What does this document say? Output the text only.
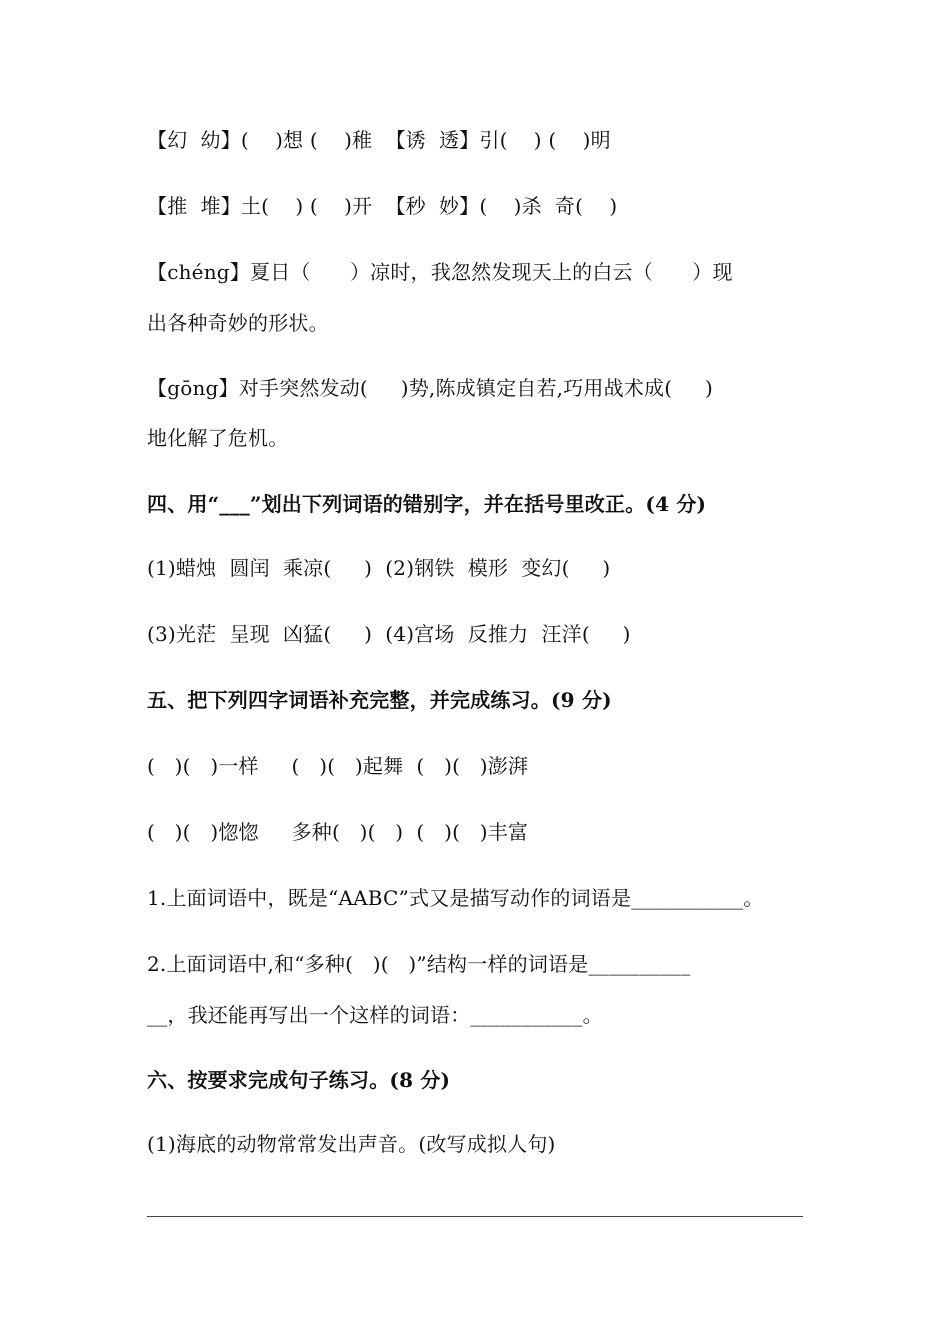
【幻  幼】(    )想 (    )稚  【诱  透】引(    ) (    )明
【推  堆】土(    ) (    )开  【秒  妙】(    )杀  奇(    )
【chéng】夏日（      ）凉时，我忽然发现天上的白云（      ）现
出各种奇妙的形状。
【gōng】对手突然发动(     )势,陈成镇定自若,巧用战术成(     )
地化解了危机。
四、用“___”划出下列词语的错别字，并在括号里改正。(4 分)
(1)蜡烛  圆闰  乘凉(     )  (2)钢铁  模形  变幻(     )
(3)光茫  呈现  凶猛(     )  (4)宫场  反推力  汪洋(     )
五、把下列四字词语补充完整，并完成练习。(9 分)
(   )(   )一样     (   )(   )起舞  (   )(   )澎湃
(   )(   )惚惚     多种(   )(   )  (   )(   )丰富
1.上面词语中，既是“AABC”式又是描写动作的词语是___________。
2.上面词语中,和“多种(   )(   )”结构一样的词语是__________
__，我还能再写出一个这样的词语：___________。
六、按要求完成句子练习。(8 分)
(1)海底的动物常常发出声音。(改写成拟人句)
